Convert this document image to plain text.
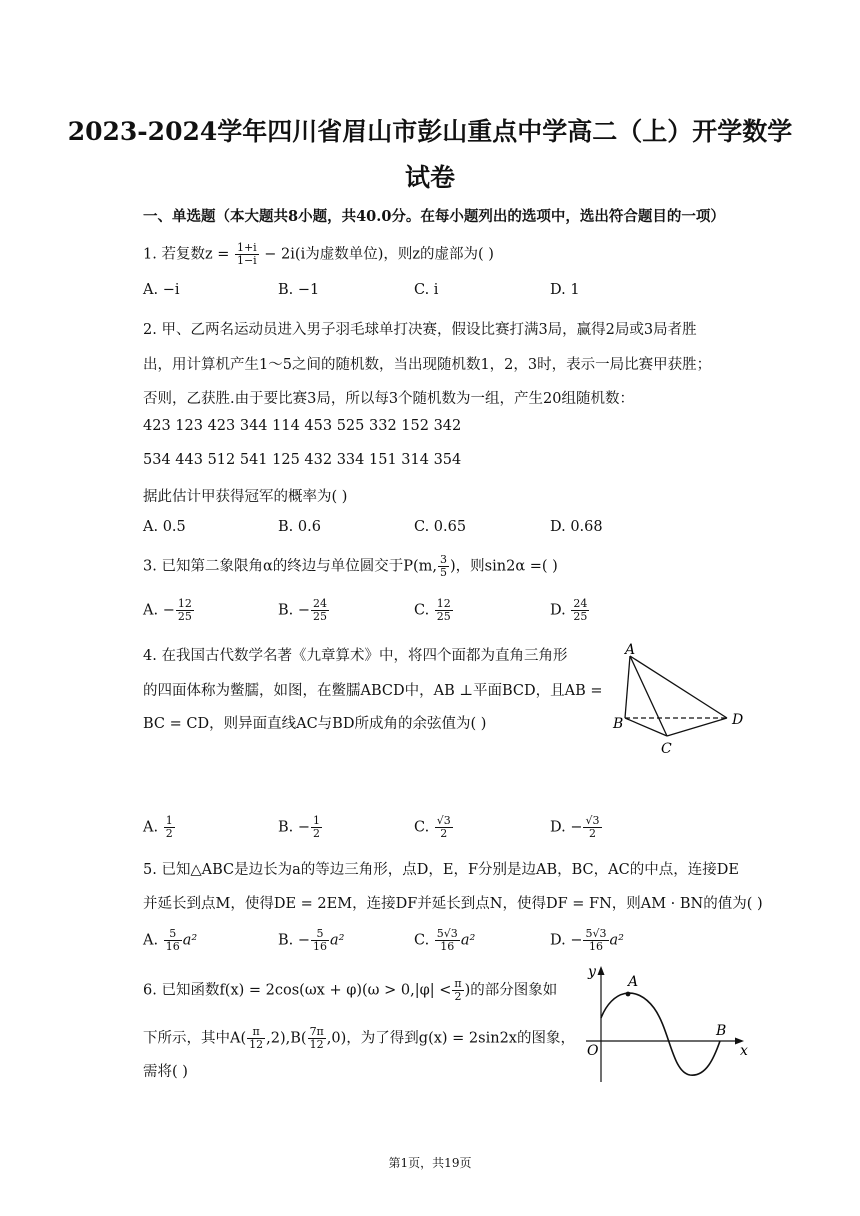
2023-2024学年四川省眉山市彭山重点中学高二（上）开学数学
试卷
一、单选题（本大题共8小题，共40.0分。在每小题列出的选项中，选出符合题目的一项）
1. 若复数$z = \frac{1+i}{1-i} - 2i(i$为虚数单位)，则z的虚部为( )
A. −i	B. −1	C. i	D. 1
2. 甲、乙两名运动员进入男子羽毛球单打决赛，假设比赛打满3局，赢得2局或3局者胜
出，用计算机产生1～5之间的随机数，当出现随机数1，2，3时，表示一局比赛甲获胜；
否则，乙获胜.由于要比赛3局，所以每3个随机数为一组，产生20组随机数：
423 123 423 344 114 453 525 332 152 342
534 443 512 541 125 432 334 151 314 354
据此估计甲获得冠军的概率为( )
A. 0.5	B. 0.6	C. 0.65	D. 0.68
3. 已知第二象限角α的终边与单位圆交于P(m, $\frac{3}{5}$ )，则sin2α =( )
A. − $\frac{12}{25}$	B. − $\frac{24}{25}$	C. $\frac{12}{25}$	D. $\frac{24}{25}$
4. 在我国古代数学名著《九章算术》中，将四个面都为直角三角形
的四面体称为鳖臑，如图，在鳖臑ABCD中，AB ⊥平面BCD，且AB =
BC = CD，则异面直线AC与BD所成角的余弦值为( )
A
B
C
D
A. $\frac{1}{2}$	B. − $\frac{1}{2}$	C. $\frac{√3}{2}$	D. − $\frac{√3}{2}$
5. 已知△ABC是边长为a的等边三角形，点D，E，F分别是边AB，BC，AC的中点，连接DE
并延长到点M，使得DE = 2EM，连接DF并延长到点N，使得DF = FN，则AM · BN的值为( )
A. $\frac{5}{16} a^2$	B. − $\frac{5}{16} a^2$	C. $\frac{5√3}{16} a^2$	D. − $\frac{5√3}{16} a^2$
6. 已知函数$f(x) = 2\cos(\omega x + \varphi)(\omega > 0,|\varphi| < \frac{\pi}{2}$ )的部分图象如
下所示，其中$A( \frac{\pi}{12} ,2),B( \frac{7\pi}{12} ,0)$，为了得到g(x) = 2sin2x的图象，
需将( )
y
A
O
B
x
第1页，共19页
